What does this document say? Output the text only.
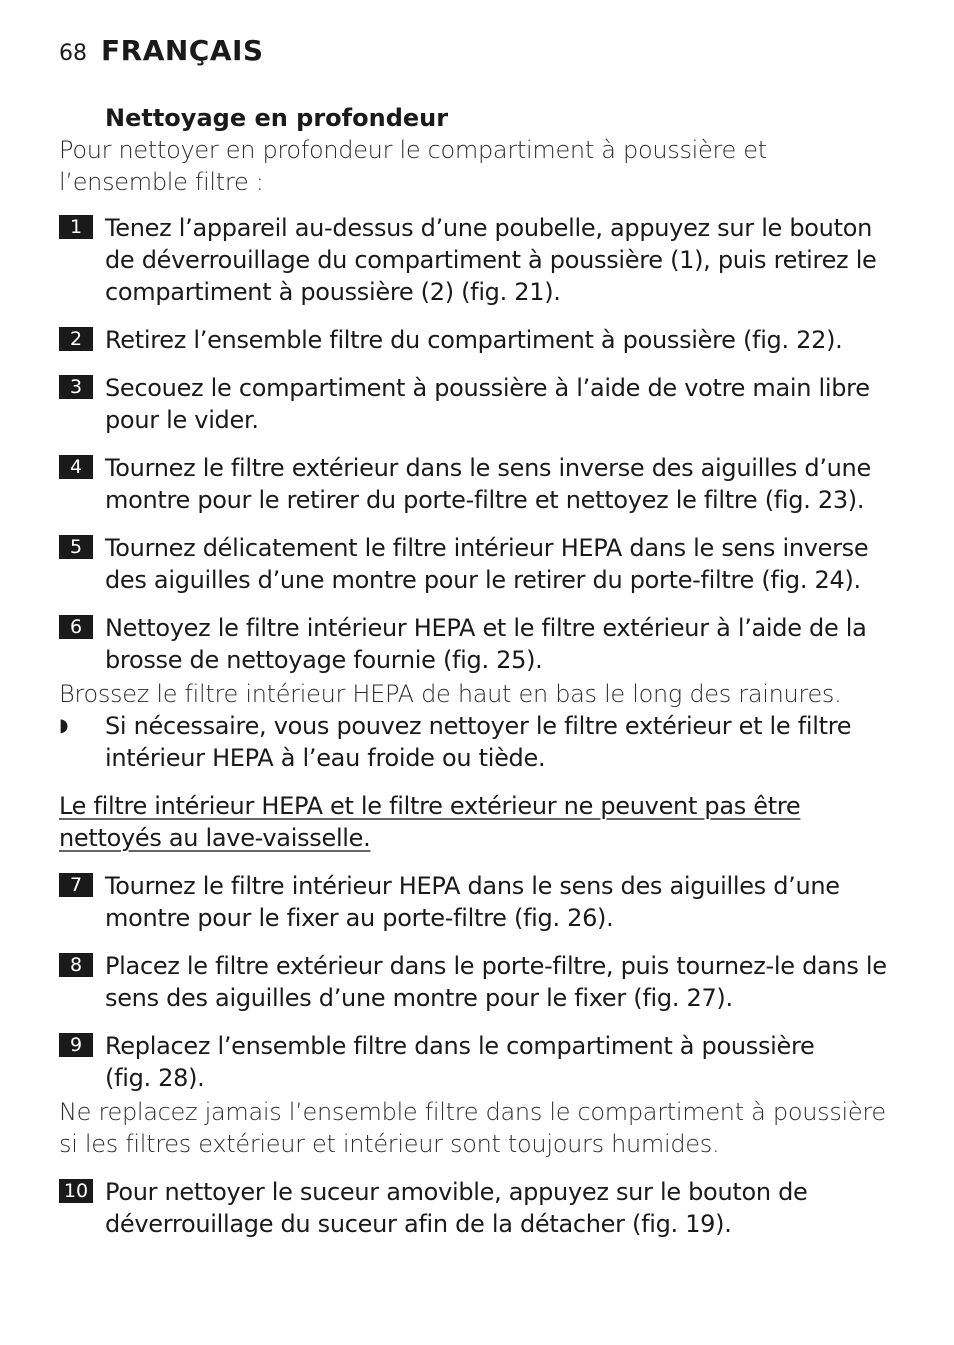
68 FRANÇAIS
Nettoyage en profondeur
Pour nettoyer en profondeur le compartiment à poussière et l’ensemble filtre :
1 Tenez l’appareil au-dessus d’une poubelle, appuyez sur le bouton de déverrouillage du compartiment à poussière (1), puis retirez le compartiment à poussière (2) (fig. 21).
2 Retirez l’ensemble filtre du compartiment à poussière (fig. 22).
3 Secouez le compartiment à poussière à l’aide de votre main libre pour le vider.
4 Tournez le filtre extérieur dans le sens inverse des aiguilles d’une montre pour le retirer du porte-filtre et nettoyez le filtre (fig. 23).
5 Tournez délicatement le filtre intérieur HEPA dans le sens inverse des aiguilles d’une montre pour le retirer du porte-filtre (fig. 24).
6 Nettoyez le filtre intérieur HEPA et le filtre extérieur à l’aide de la brosse de nettoyage fournie (fig. 25).
Brossez le filtre intérieur HEPA de haut en bas le long des rainures.
◗	Si nécessaire, vous pouvez nettoyer le filtre extérieur et le filtre intérieur HEPA à l’eau froide ou tiède.
Le filtre intérieur HEPA et le filtre extérieur ne peuvent pas être nettoyés au lave-vaisselle.
7 Tournez le filtre intérieur HEPA dans le sens des aiguilles d’une montre pour le fixer au porte-filtre (fig. 26).
8 Placez le filtre extérieur dans le porte-filtre, puis tournez-le dans le sens des aiguilles d’une montre pour le fixer (fig. 27).
9 Replacez l’ensemble filtre dans le compartiment à poussière (fig. 28).
Ne replacez jamais l’ensemble filtre dans le compartiment à poussière si les filtres extérieur et intérieur sont toujours humides.
10 Pour nettoyer le suceur amovible, appuyez sur le bouton de déverrouillage du suceur afin de la détacher (fig. 19).
